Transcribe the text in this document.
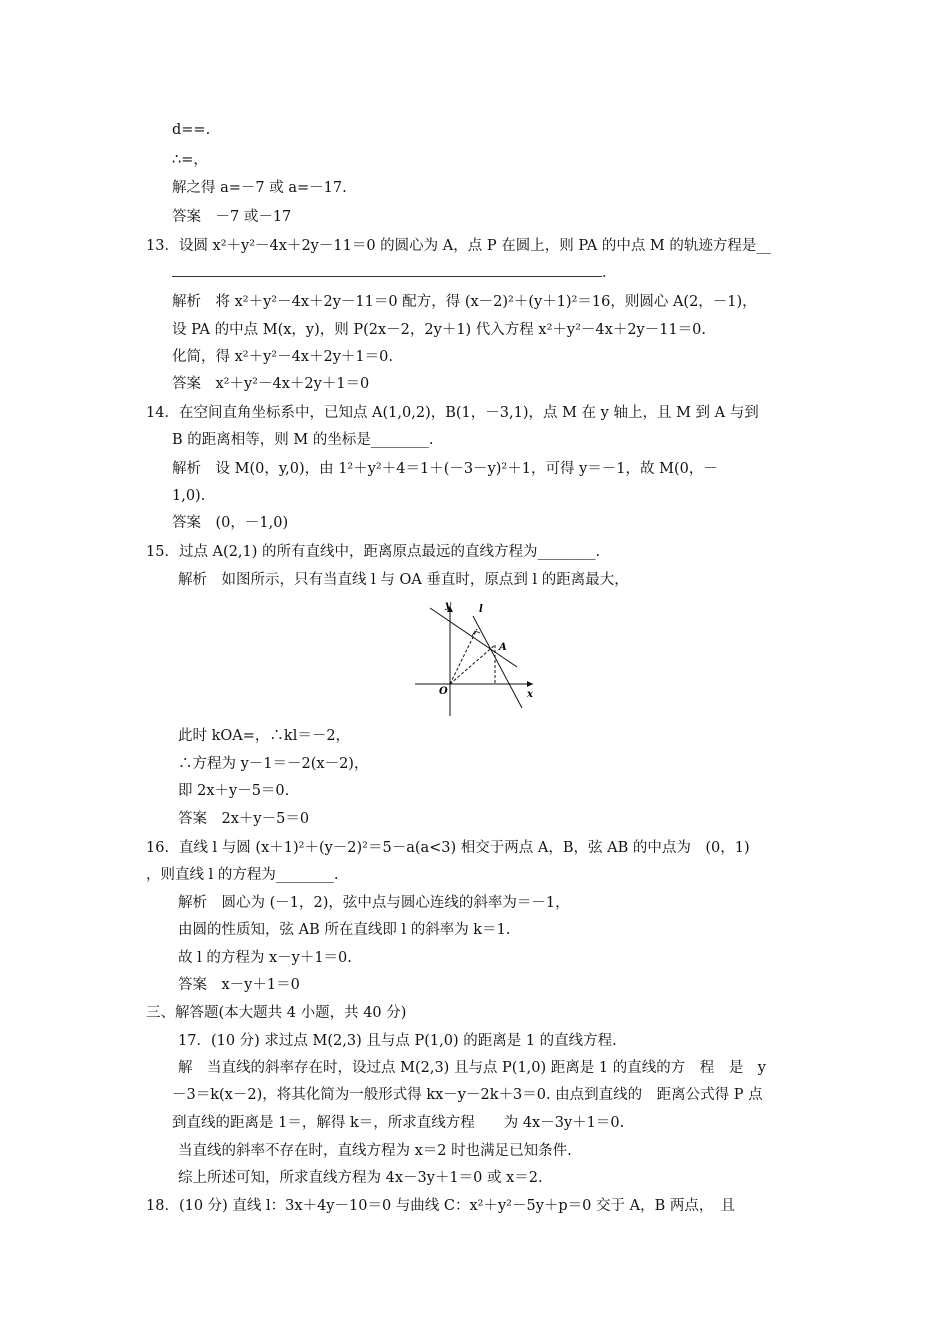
d==.
∴=，
解之得 a=－7 或 a=－17.
答案　－7 或－17
13．设圆 x²＋y²－4x＋2y－11＝0 的圆心为 A，点 P 在圆上，则 PA 的中点 M 的轨迹方程是__
．
解析　将 x²＋y²－4x＋2y－11＝0 配方，得 (x－2)²＋(y＋1)²＝16，则圆心 A(2，－1)，
设 PA 的中点 M(x，y)，则 P(2x－2，2y＋1) 代入方程 x²＋y²－4x＋2y－11＝0.
化简，得 x²＋y²－4x＋2y＋1＝0.
答案　x²＋y²－4x＋2y＋1＝0
14．在空间直角坐标系中，已知点 A(1,0,2)，B(1，－3,1)，点 M 在 y 轴上，且 M 到 A 与到
B 的距离相等，则 M 的坐标是________.
解析　设 M(0，y,0)，由 1²＋y²＋4＝1＋(－3－y)²＋1，可得 y＝－1，故 M(0，－
1,0).
答案　(0，－1,0)
15．过点 A(2,1) 的所有直线中，距离原点最远的直线方程为________.
解析　如图所示，只有当直线 l 与 OA 垂直时，原点到 l 的距离最大，
y
x
l
A
O
此时 kOA=，∴kl＝－2，
∴方程为 y－1＝－2(x－2)，
即 2x＋y－5＝0.
答案　2x＋y－5＝0
16．直线 l 与圆 (x＋1)²＋(y－2)²＝5－a(a<3) 相交于两点 A，B，弦 AB 的中点为　(0，1)
，则直线 l 的方程为________.
解析　圆心为 (－1，2)，弦中点与圆心连线的斜率为＝－1，
由圆的性质知，弦 AB 所在直线即 l 的斜率为 k＝1.
故 l 的方程为 x－y＋1＝0.
答案　x－y＋1＝0
三、解答题(本大题共 4 小题，共 40 分)
17．(10 分) 求过点 M(2,3) 且与点 P(1,0) 的距离是 1 的直线方程.
解　当直线的斜率存在时，设过点 M(2,3) 且与点 P(1,0) 距离是 1 的直线的方　程　是　y
－3＝k(x－2)，将其化简为一般形式得 kx－y－2k＋3＝0. 由点到直线的　距离公式得 P 点
到直线的距离是 1＝，解得 k＝，所求直线方程　　为 4x－3y＋1＝0.
当直线的斜率不存在时，直线方程为 x＝2 时也满足已知条件.
综上所述可知，所求直线方程为 4x－3y＋1＝0 或 x＝2.
18．(10 分) 直线 l：3x＋4y－10＝0 与曲线 C：x²＋y²－5y＋p＝0 交于 A，B 两点，　且
